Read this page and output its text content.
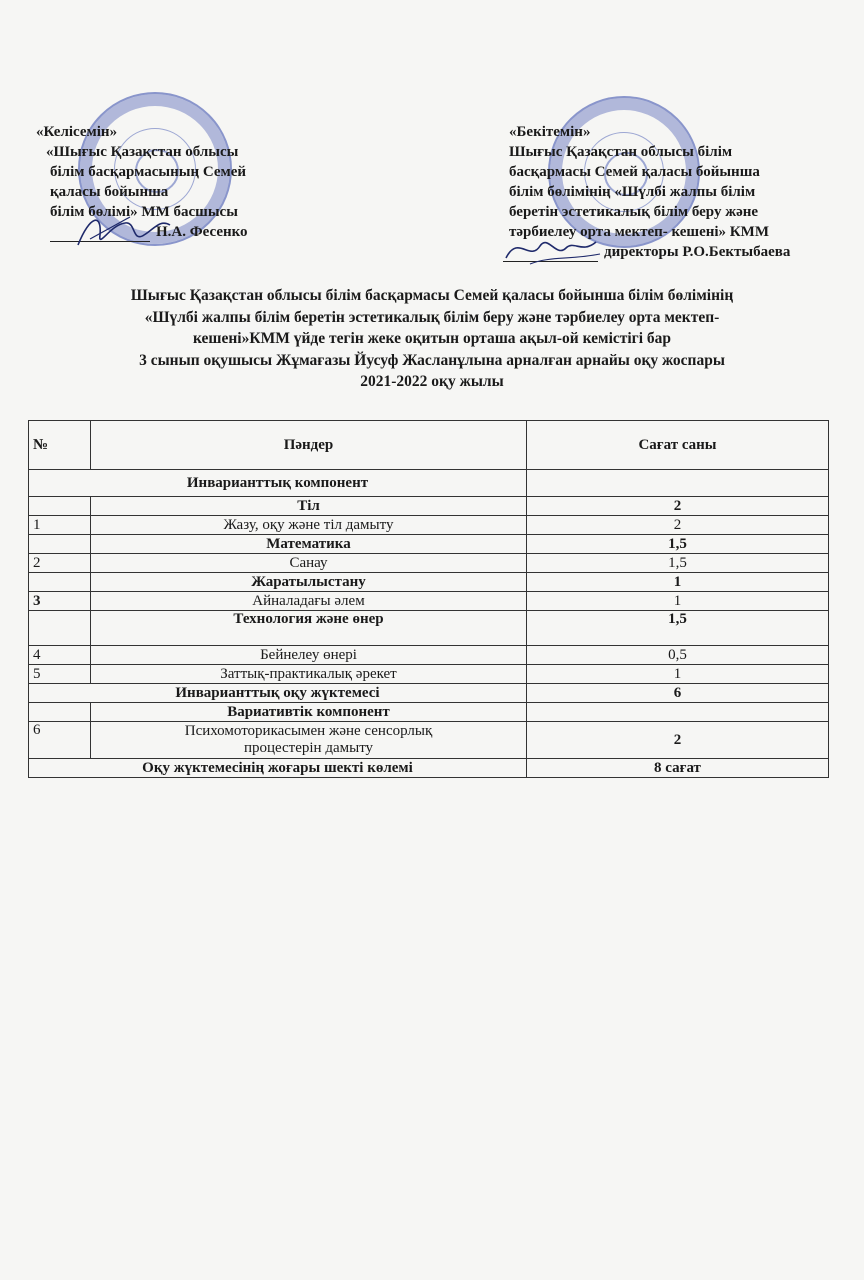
«Келісемін»
«Шығыс Қазақстан облысы
білім басқармасының Семей
қаласы бойынша
білім бөлімі» ММ басшысы
Н.А. Фесенко
«Бекітемін»
Шығыс Қазақстан облысы білім
басқармасы Семей қаласы бойынша
білім бөлімінің «Шүлбі жалпы білім
беретін эстетикалық білім беру және
тәрбиелеу орта мектеп- кешені» КММ
директоры Р.О.Бектыбаева
Шығыс Қазақстан облысы білім басқармасы Семей қаласы бойынша білім бөлімінің
«Шүлбі жалпы білім беретін эстетикалық білім беру және тәрбиелеу орта мектеп-
кешені»КММ үйде тегін жеке оқитын орташа ақыл-ой кемістігі бар
3 сынып оқушысы Жұмағазы Йусуф Жасланұлына арналған арнайы оқу жоспары
2021-2022 оқу жылы
№	Пәндер	Сағат саны
Инварианттық компонент		
	Тіл	2
1	Жазу, оқу және тіл дамыту	2
	Математика	1,5
2	Санау	1,5
	Жаратылыстану	1
3	Айналадағы әлем	1
	Технология және өнер	1,5
4	Бейнелеу өнері	0,5
5	Заттық-практикалық әрекет	1
Инварианттық оқу жүктемесі		6
	Вариативтік компонент	
6	Психомоторикасымен және сенсорлық
процестерін дамыту	2
Оқу жүктемесінің жоғары шекті көлемі		8 сағат
